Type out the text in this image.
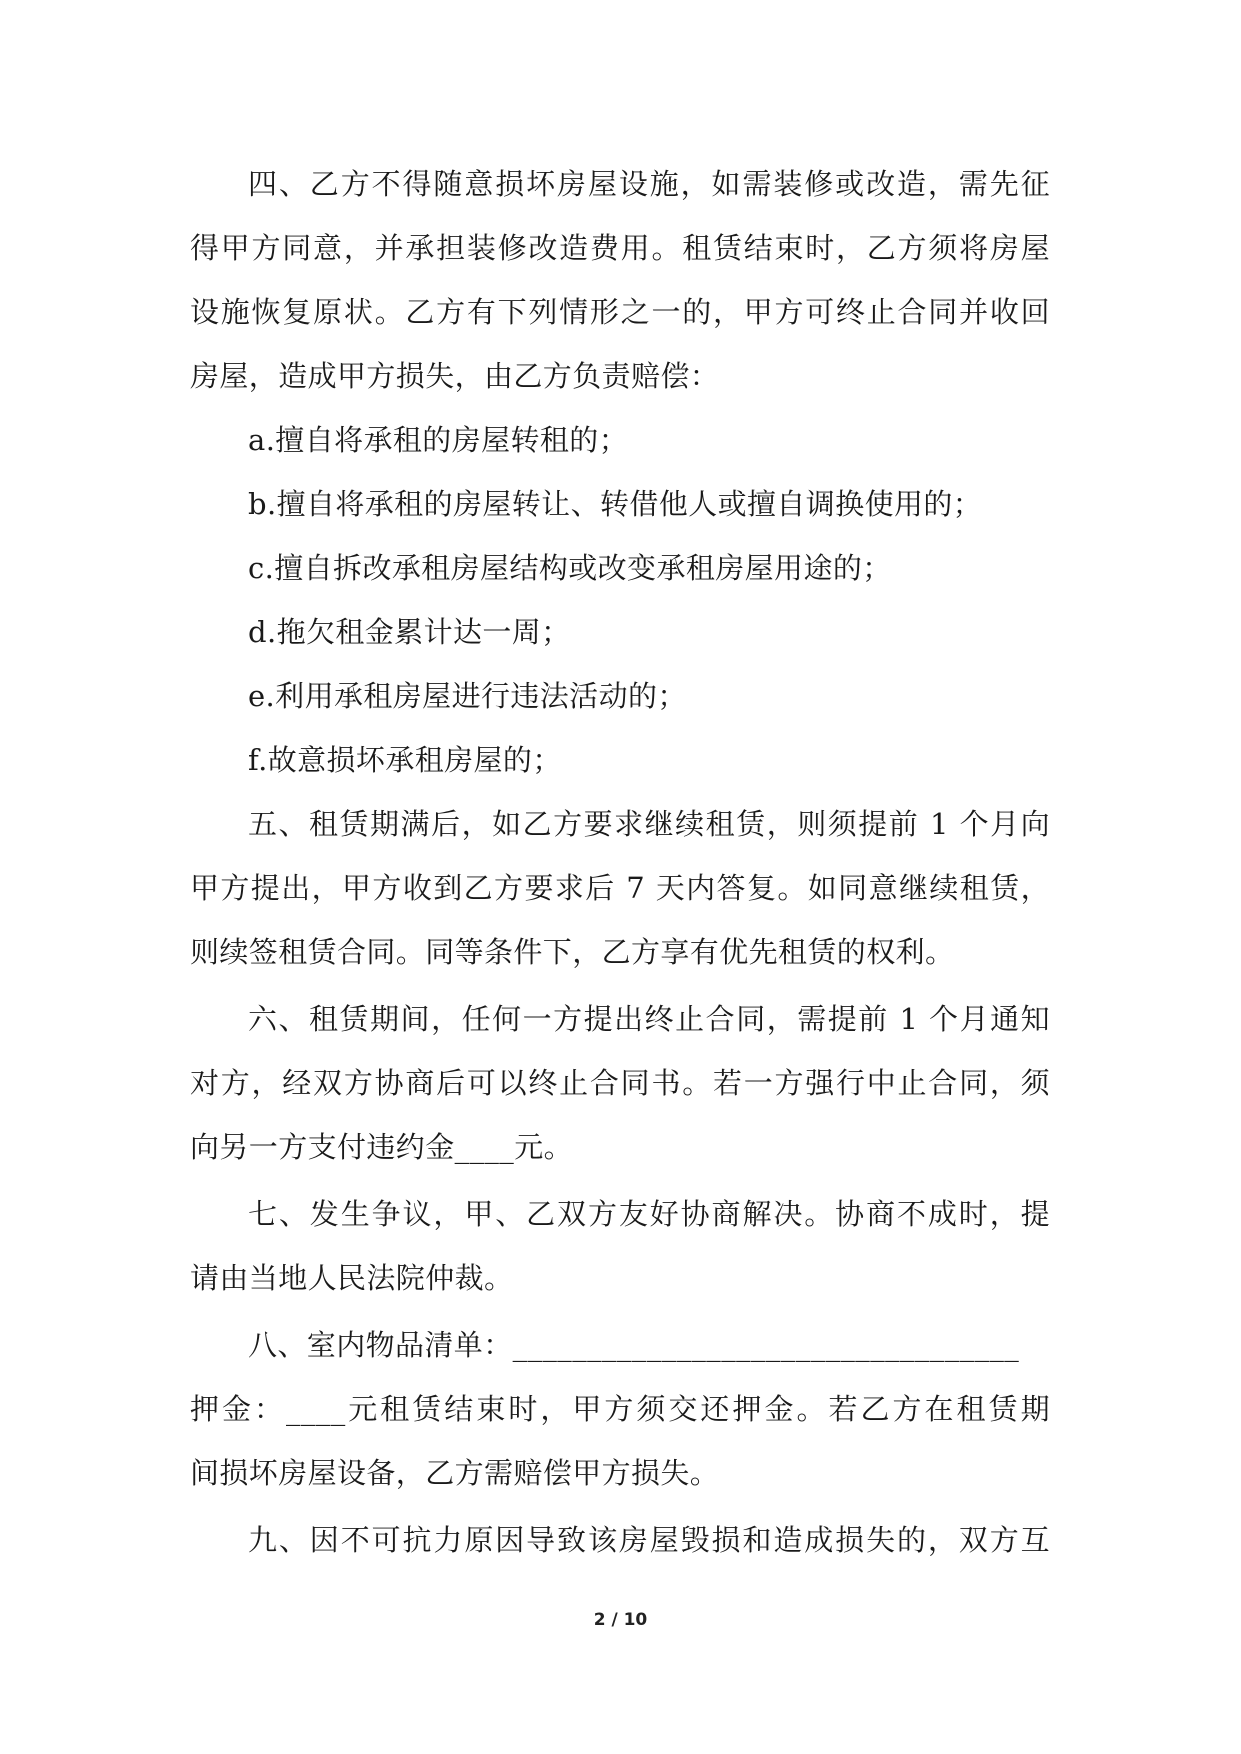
四、乙方不得随意损坏房屋设施，如需装修或改造，需先征
得甲方同意，并承担装修改造费用。租赁结束时，乙方须将房屋
设施恢复原状。乙方有下列情形之一的，甲方可终止合同并收回
房屋，造成甲方损失，由乙方负责赔偿：
a.擅自将承租的房屋转租的；
b.擅自将承租的房屋转让、转借他人或擅自调换使用的；
c.擅自拆改承租房屋结构或改变承租房屋用途的；
d.拖欠租金累计达一周；
e.利用承租房屋进行违法活动的；
f.故意损坏承租房屋的；
五、租赁期满后，如乙方要求继续租赁，则须提前 1 个月向
甲方提出，甲方收到乙方要求后 7 天内答复。如同意继续租赁，
则续签租赁合同。同等条件下，乙方享有优先租赁的权利。
六、租赁期间，任何一方提出终止合同，需提前 1 个月通知
对方，经双方协商后可以终止合同书。若一方强行中止合同，须
向另一方支付违约金____元。
七、发生争议，甲、乙双方友好协商解决。协商不成时，提
请由当地人民法院仲裁。
八、室内物品清单：__________________________________
押金：____元租赁结束时，甲方须交还押金。若乙方在租赁期
间损坏房屋设备，乙方需赔偿甲方损失。
九、因不可抗力原因导致该房屋毁损和造成损失的，双方互
2 / 10
